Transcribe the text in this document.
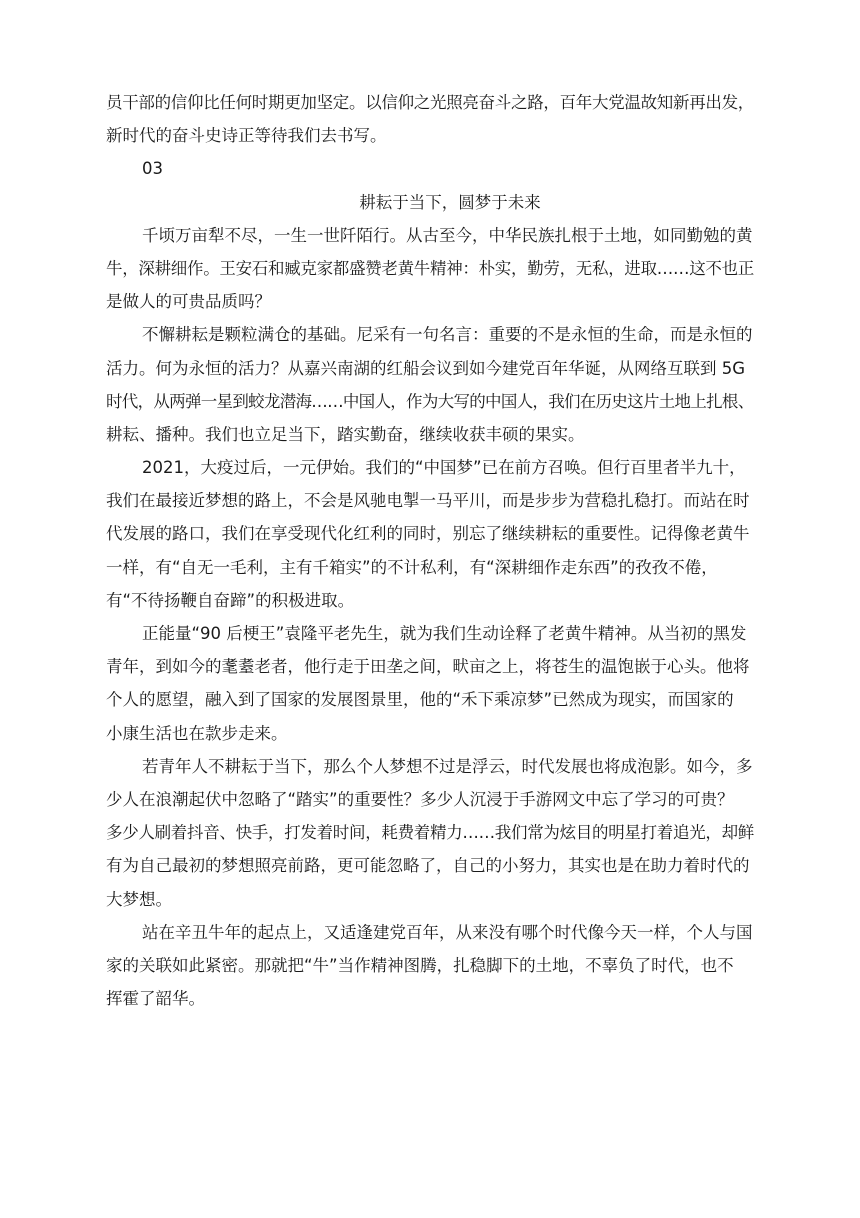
员干部的信仰比任何时期更加坚定。以信仰之光照亮奋斗之路，百年大党温故知新再出发，
新时代的奋斗史诗正等待我们去书写。
03
耕耘于当下，圆梦于未来
千顷万亩犁不尽，一生一世阡陌行。从古至今，中华民族扎根于土地，如同勤勉的黄
牛，深耕细作。王安石和臧克家都盛赞老黄牛精神：朴实，勤劳，无私，进取……这不也正
是做人的可贵品质吗？
不懈耕耘是颗粒满仓的基础。尼采有一句名言：重要的不是永恒的生命，而是永恒的
活力。何为永恒的活力？从嘉兴南湖的红船会议到如今建党百年华诞，从网络互联到 5G
时代，从两弹一星到蛟龙潜海……中国人，作为大写的中国人，我们在历史这片土地上扎根、
耕耘、播种。我们也立足当下，踏实勤奋，继续收获丰硕的果实。
2021，大疫过后，一元伊始。我们的“中国梦”已在前方召唤。但行百里者半九十，
我们在最接近梦想的路上，不会是风驰电掣一马平川，而是步步为营稳扎稳打。而站在时
代发展的路口，我们在享受现代化红利的同时，别忘了继续耕耘的重要性。记得像老黄牛
一样，有“自无一毛利，主有千箱实”的不计私利，有“深耕细作走东西”的孜孜不倦，
有“不待扬鞭自奋蹄”的积极进取。
正能量“90 后梗王”袁隆平老先生，就为我们生动诠释了老黄牛精神。从当初的黑发
青年，到如今的耄耋老者，他行走于田垄之间，畎亩之上，将苍生的温饱嵌于心头。他将
个人的愿望，融入到了国家的发展图景里，他的“禾下乘凉梦”已然成为现实，而国家的
小康生活也在款步走来。
若青年人不耕耘于当下，那么个人梦想不过是浮云，时代发展也将成泡影。如今，多
少人在浪潮起伏中忽略了“踏实”的重要性？多少人沉浸于手游网文中忘了学习的可贵？
多少人刷着抖音、快手，打发着时间，耗费着精力……我们常为炫目的明星打着追光，却鲜
有为自己最初的梦想照亮前路，更可能忽略了，自己的小努力，其实也是在助力着时代的
大梦想。
站在辛丑牛年的起点上，又适逢建党百年，从来没有哪个时代像今天一样，个人与国
家的关联如此紧密。那就把“牛”当作精神图腾，扎稳脚下的土地，不辜负了时代，也不
挥霍了韶华。
